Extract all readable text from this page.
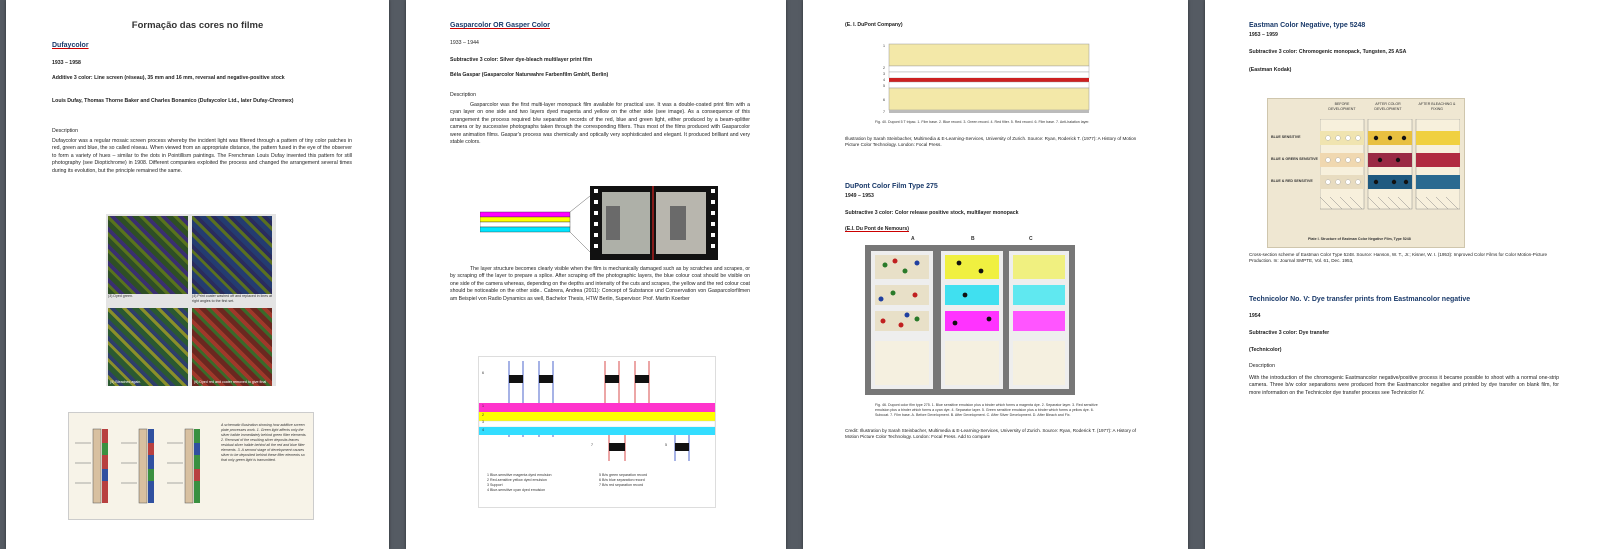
Formação das cores no filme
Dufaycolor
1933 – 1958
Additive 3 color: Line screen (réseau), 35 mm and 16 mm, reversal and negative-positive stock
Louis Dufay, Thomas Thorne Baker and Charles Bonamico (Dufaycolor Ltd., later Dufay-Chromex)
Description
Dufaycolor was a regular mosaic screen process whereby the incident light was filtered through a pattern of tiny color patches in red, green and blue, the so called réseau. When viewed from an appropriate distance, the pattern fused in the eye of the observer to form a variety of hues – similar to the dots in Pointillism paintings. The Frenchman Louis Dufay invented this pattern for still photography (see Dioptichrome) in 1908. Different companies exploited the process and changed the arrangement several times during its evolution, but the principle remained the same.
(3) Dyed green.	(4) Print coater washed off and replaced in lines at right angles to the first set.
(5) Bleached again.	(6) Dyed red and coater removed to give final result.
A schematic illustration showing how additive screen plate processes work. 1. Green light affects only the silver halide immediately behind green filter elements. 2. Removal of the resulting silver deposits leaves residual silver halide behind all the red and blue filter elements. 3. A second stage of development causes silver to be deposited behind these filter elements so that only green light is transmitted.
Gasparcolor OR Gasper Color
1933 – 1944
Subtractive 3 color: Silver dye-bleach multilayer print film
Béla Gaspar (Gasparcolor Naturwahre Farbenfilm GmbH, Berlin)
Description
Gasparcolor was the first multi-layer monopack film available for practical use. It was a double-coated print film with a cyan layer on one side and two layers dyed magenta and yellow on the other side (see image). As a consequence of this arrangement the process required b/w separation records of the red, blue and green light, either produced by a beam-splitter camera or by successive photographs taken through the corresponding filters. Thus most of the films produced with Gasparcolor were animation films. Gaspar's process was chemically and optically very sophisticated and elegant. It produced brilliant and very stable colors.
The layer structure becomes clearly visible when the film is mechanically damaged such as by scratches and scrapes, or by scraping off the layer to prepare a splice. After scraping off the photographic layers, the blue colour coat should be visible on one side of the camera whereas, depending on the depths and intensity of the cuts and scrapes, the yellow and the red colour coat should be noticeable on the other side.. Cabrera, Andrea (2011): Concept of Substance und Conservation von Gasparcolorfilmen am Beispiel von Radio Dynamics as well, Bachelor Thesis, HTW Berlin, Supervisor: Prof. Martin Koerber
6
1
2
3
4
7	5
1 Blue-sensitive magenta dyed emulsion
2 Red-sensitive yellow dyed emulsion
3 Support
4 Blue-sensitive cyan dyed emulsion
5 B/w green separation record
6 B/w blue separation record
7 B/w red separation record
(E. I. DuPont Company)
1
2
3
4
5
6
7
Fig. 40. Dupont 5 T tripac. 1. Film base. 2. Blue record. 3. Green record. 4. Red filter. 5. Red record. 6. Film base. 7. Anti-halation layer.
Illustration by Sarah Steinbacher, Multimedia & E-Learning-Services, University of Zurich. Source: Ryan, Roderick T. (1977): A History of Motion Picture Color Technology. London: Focal Press.
DuPont Color Film Type 275
1949 – 1953
Subtractive 3 color: Color release positive stock, multilayer monopack
(E.I. Du Pont de Nemours)
A	B	C
Fig. 46. Dupont color film type 275. 1. Blue sensitive emulsion plus a binder which forms a magenta dye. 2. Separator layer. 3. Red sensitive emulsion plus a binder which forms a cyan dye. 4. Separator layer. 5. Green sensitive emulsion plus a binder which forms a yellow dye. 6. Subcoat. 7. Film base. A. Before Development. B. After Development. C. After Silver Development. D. After Bleach and Fix.
Credit: Illustration by Sarah Steinbacher, Multimedia & E-Learning-Services, University of Zurich. Source: Ryan, Roderick T. (1977): A History of Motion Picture Color Technology. London: Focal Press. Add to compare
Eastman Color Negative, type 5248
1953 – 1959
Subtractive 3 color: Chromogenic monopack, Tungsten, 25 ASA
(Eastman Kodak)
BEFORE DEVELOPMENT
AFTER COLOR DEVELOPMENT
AFTER BLEACHING & FIXING
BLUE SENSITIVE
BLUE & GREEN SENSITIVE
BLUE & RED SENSITIVE
Plate I. Structure of Eastman Color Negative Film, Type 5248
Cross-section scheme of Eastman Color Type 5248. Source: Hanson, W. T., Jr.; Kisner, W. I. (1953): Improved Color Films for Color Motion-Picture Production. In: Journal SMPTE, Vol. 61, Dec. 1953,
Technicolor No. V: Dye transfer prints from Eastmancolor negative
1954
Subtractive 3 color: Dye transfer
(Technicolor)
Description
With the introduction of the chromogenic Eastmancolor negative/positive process it became possible to shoot with a normal one-strip camera. Three b/w color separations were produced from the Eastmancolor negative and printed by dye transfer on blank film, for more information on the Technicolor dye transfer process see Technicolor IV.
